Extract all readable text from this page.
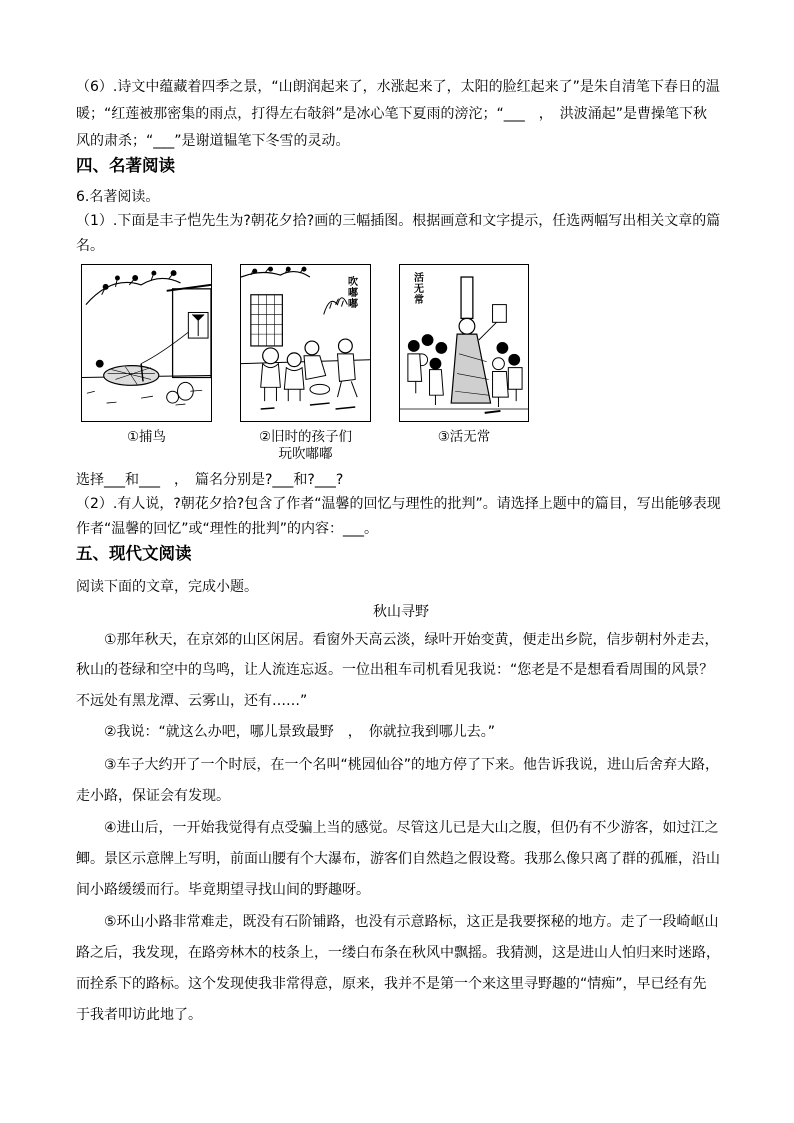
（6）.诗文中蕴藏着四季之景，“山朗润起来了，水涨起来了，太阳的脸红起来了”是朱自清笔下春日的温
暖；“红莲被那密集的雨点，打得左右敧斜”是冰心笔下夏雨的滂沱；“___　，　洪波涌起”是曹操笔下秋
风的肃杀；“___”是谢道韫笔下冬雪的灵动。
四、名著阅读
6.名著阅读。
（1）.下面是丰子恺先生为?朝花夕拾?画的三幅插图。根据画意和文字提示，任选两幅写出相关文章的篇
名。
①捕鸟
吹嘟嘟
②旧时的孩子们
玩吹嘟嘟
活无常
③活无常
选择___和___　，　篇名分别是?___和?___?
（2）.有人说，?朝花夕拾?包含了作者“温馨的回忆与理性的批判”。请选择上题中的篇目，写出能够表现
作者“温馨的回忆”或“理性的批判”的内容：___。
五、现代文阅读
阅读下面的文章，完成小题。
秋山寻野
①那年秋天，在京郊的山区闲居。看窗外天高云淡，绿叶开始变黄，便走出乡院，信步朝村外走去，
秋山的苍绿和空中的鸟鸣，让人流连忘返。一位出租车司机看见我说：“您老是不是想看看周围的风景？
不远处有黑龙潭、云雾山，还有……”
②我说：“就这么办吧，哪儿景致最野　，　你就拉我到哪儿去。”
③车子大约开了一个时辰，在一个名叫“桃园仙谷”的地方停了下来。他告诉我说，进山后舍弃大路，
走小路，保证会有发现。
④进山后，一开始我觉得有点受骗上当的感觉。尽管这儿已是大山之腹，但仍有不少游客，如过江之
鲫。景区示意牌上写明，前面山腰有个大瀑布，游客们自然趋之假设鹜。我那么像只离了群的孤雁，沿山
间小路缓缓而行。毕竟期望寻找山间的野趣呀。
⑤环山小路非常难走，既没有石阶铺路，也没有示意路标，这正是我要探秘的地方。走了一段崎岖山
路之后，我发现，在路旁林木的枝条上，一缕白布条在秋风中飘摇。我猜测，这是进山人怕归来时迷路，
而拴系下的路标。这个发现使我非常得意，原来，我并不是第一个来这里寻野趣的“情痴”，早已经有先
于我者叩访此地了。
